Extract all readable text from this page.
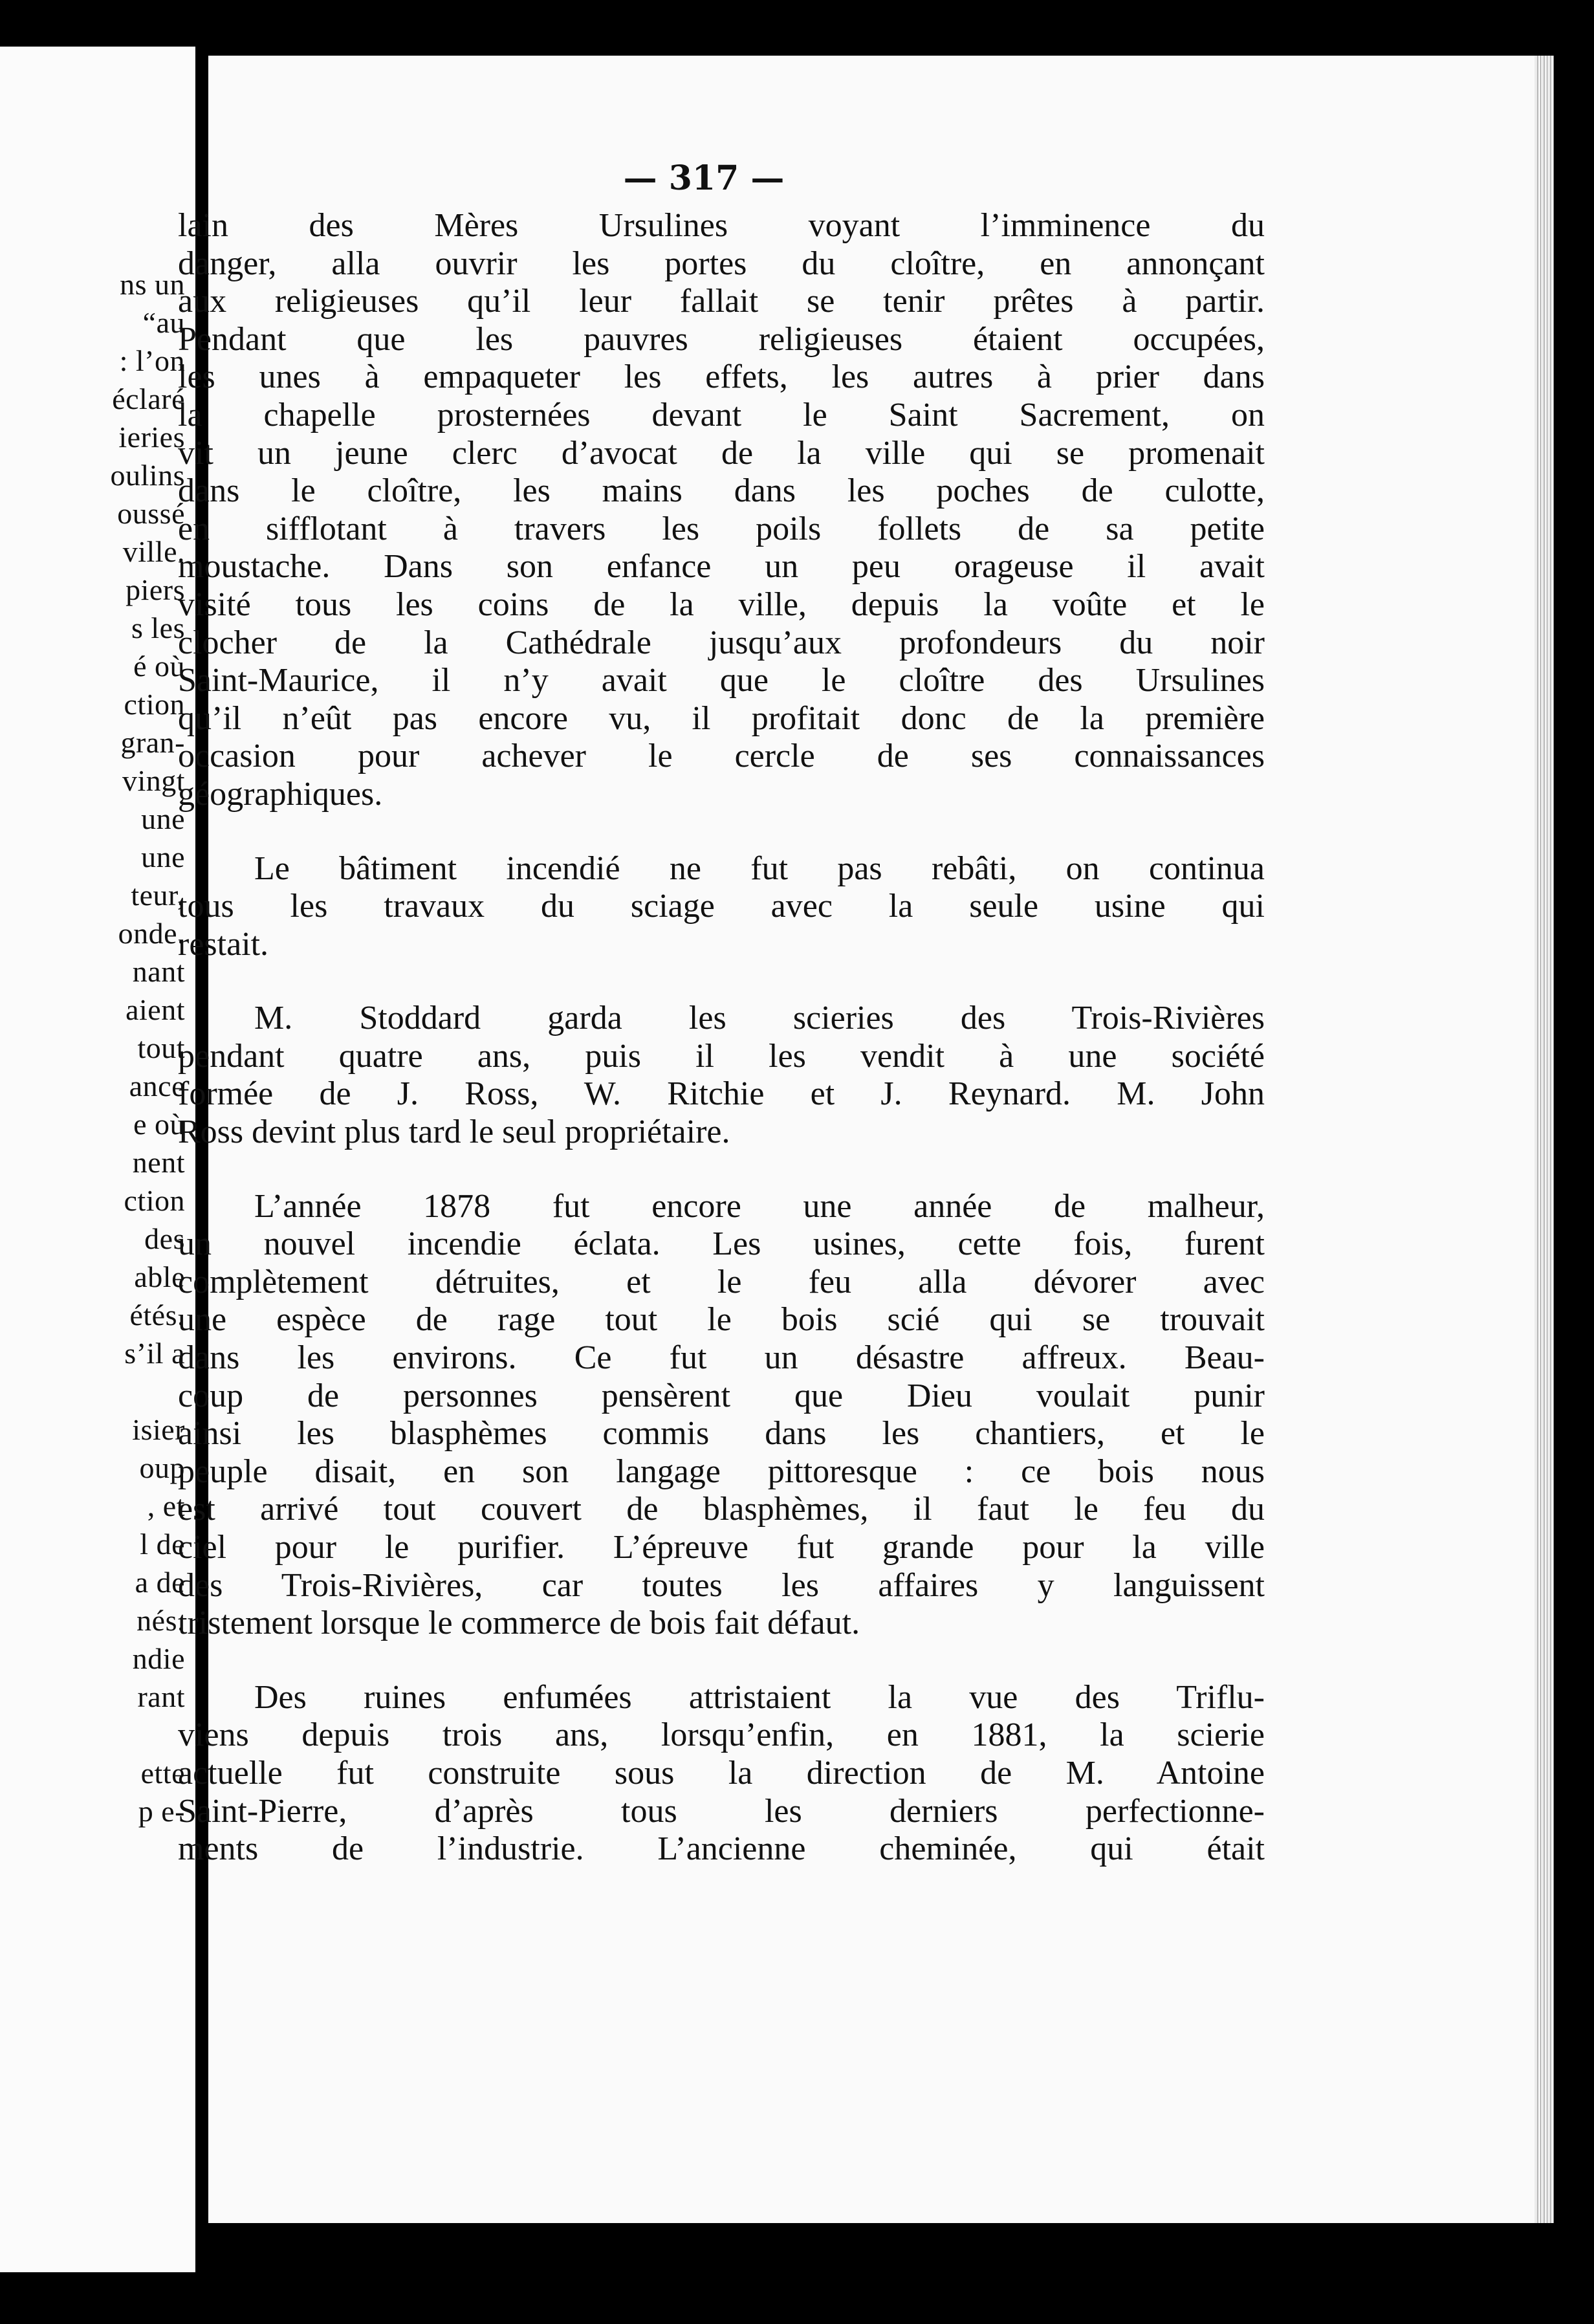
ns un
“au
: l’on
éclaré
ieries
oulins
oussé
ville.
piers
s les
é où
ction
gran-
vingt
une
une
teur,
onde.
nant
aient
tout
ance
e où
nent
ction
des
able
étés.
s’il a
isier
oup
, et
l de
a de
nés.
ndie
rant
ette
p e-
— 317 —
lain des Mères Ursulines voyant l’imminence du
danger, alla ouvrir les portes du cloître, en annonçant
aux religieuses qu’il leur fallait se tenir prêtes à partir.
Pendant que les pauvres religieuses étaient occupées,
les unes à empaqueter les effets, les autres à prier dans
la chapelle prosternées devant le Saint Sacrement, on
vit un jeune clerc d’avocat de la ville qui se promenait
dans le cloître, les mains dans les poches de culotte,
en sifflotant à travers les poils follets de sa petite
moustache. Dans son enfance un peu orageuse il avait
visité tous les coins de la ville, depuis la voûte et le
clocher de la Cathédrale jusqu’aux profondeurs du noir
Saint-Maurice, il n’y avait que le cloître des Ursulines
qu’il n’eût pas encore vu, il profitait donc de la première
occasion pour achever le cercle de ses connaissances
géographiques.
Le bâtiment incendié ne fut pas rebâti, on continua
tous les travaux du sciage avec la seule usine qui
restait.
M. Stoddard garda les scieries des Trois-Rivières
pendant quatre ans, puis il les vendit à une société
formée de J. Ross, W. Ritchie et J. Reynard. M. John
Ross devint plus tard le seul propriétaire.
L’année 1878 fut encore une année de malheur,
un nouvel incendie éclata. Les usines, cette fois, furent
complètement détruites, et le feu alla dévorer avec
une espèce de rage tout le bois scié qui se trouvait
dans les environs. Ce fut un désastre affreux. Beau-
coup de personnes pensèrent que Dieu voulait punir
ainsi les blasphèmes commis dans les chantiers, et le
peuple disait, en son langage pittoresque : ce bois nous
est arrivé tout couvert de blasphèmes, il faut le feu du
ciel pour le purifier. L’épreuve fut grande pour la ville
des Trois-Rivières, car toutes les affaires y languissent
tristement lorsque le commerce de bois fait défaut.
Des ruines enfumées attristaient la vue des Triflu-
viens depuis trois ans, lorsqu’enfin, en 1881, la scierie
actuelle fut construite sous la direction de M. Antoine
Saint-Pierre, d’après tous les derniers perfectionne-
ments de l’industrie. L’ancienne cheminée, qui était
